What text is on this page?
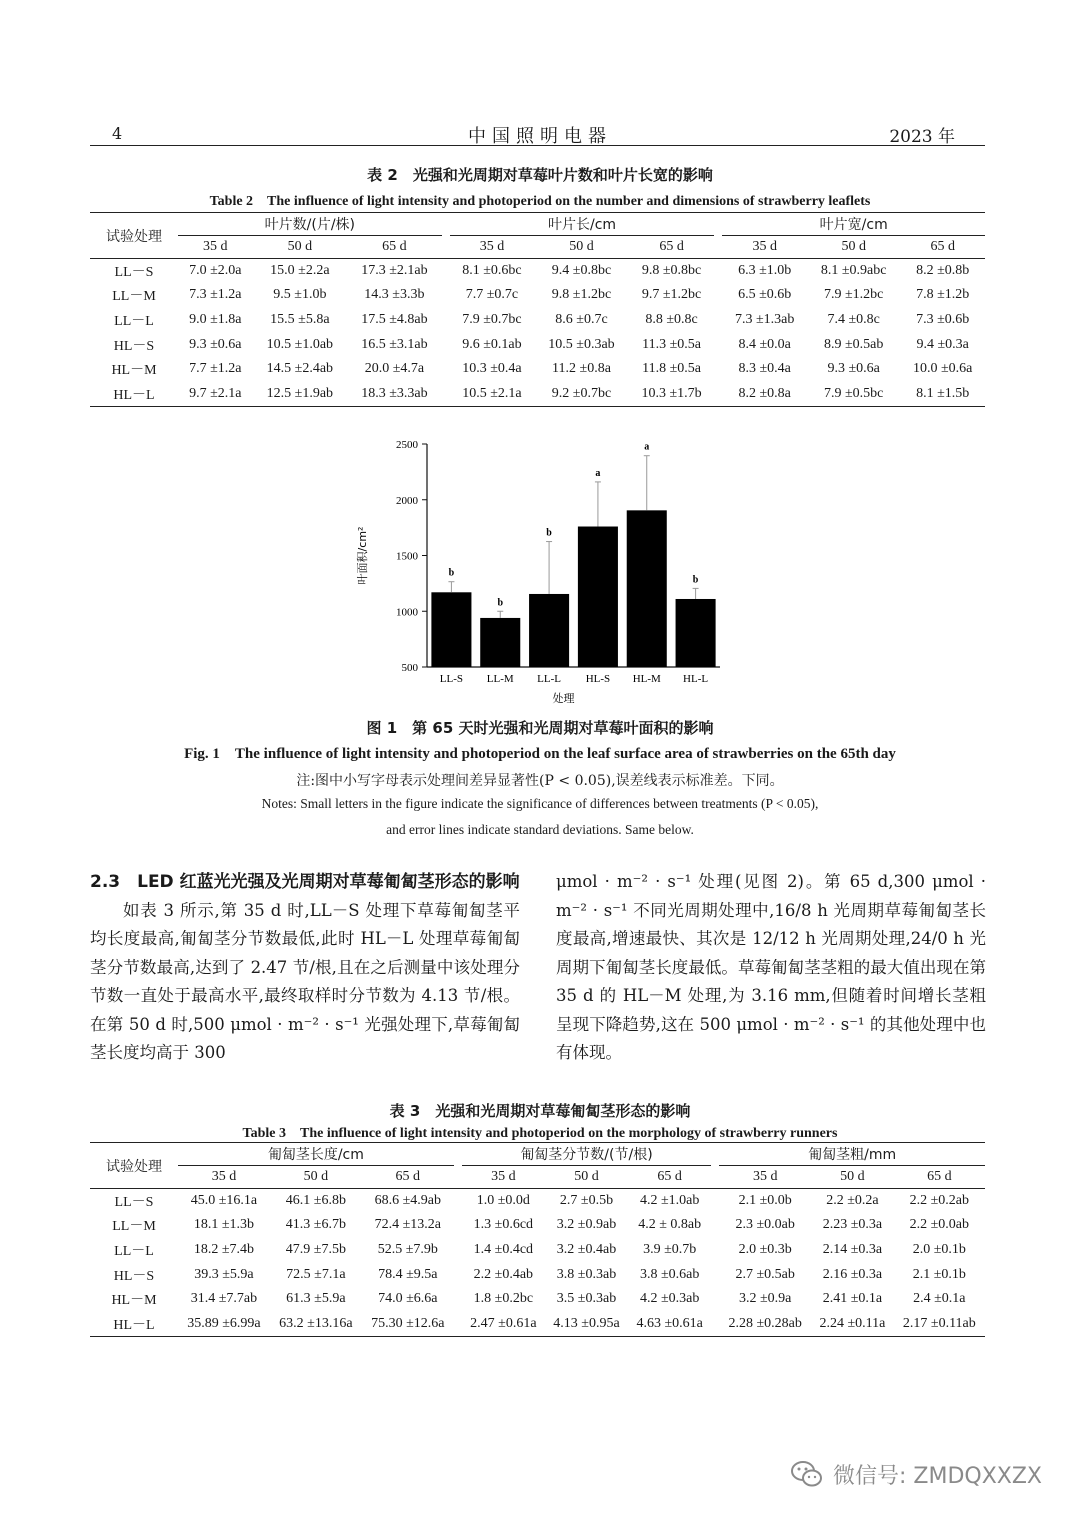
4	中国照明电器	2023 年
表 2　光强和光周期对草莓叶片数和叶片长宽的影响
Table 2　The influence of light intensity and photoperiod on the number and dimensions of strawberry leaflets
试验处理	叶片数/(片/株)				叶片长/cm				叶片宽/cm		
	35 d	50 d	65 d		35 d	50 d	65 d		35 d	50 d	65 d
LL－S	7.0 ±2.0a	15.0 ±2.2a	17.3 ±2.1ab		8.1 ±0.6bc	9.4 ±0.8bc	9.8 ±0.8bc		6.3 ±1.0b	8.1 ±0.9abc	8.2 ±0.8b
LL－M	7.3 ±1.2a	9.5 ±1.0b	14.3 ±3.3b		7.7 ±0.7c	9.8 ±1.2bc	9.7 ±1.2bc		6.5 ±0.6b	7.9 ±1.2bc	7.8 ±1.2b
LL－L	9.0 ±1.8a	15.5 ±5.8a	17.5 ±4.8ab		7.9 ±0.7bc	8.6 ±0.7c	8.8 ±0.8c		7.3 ±1.3ab	7.4 ±0.8c	7.3 ±0.6b
HL－S	9.3 ±0.6a	10.5 ±1.0ab	16.5 ±3.1ab		9.6 ±0.1ab	10.5 ±0.3ab	11.3 ±0.5a		8.4 ±0.0a	8.9 ±0.5ab	9.4 ±0.3a
HL－M	7.7 ±1.2a	14.5 ±2.4ab	20.0 ±4.7a		10.3 ±0.4a	11.2 ±0.8a	11.8 ±0.5a		8.3 ±0.4a	9.3 ±0.6a	10.0 ±0.6a
HL－L	9.7 ±2.1a	12.5 ±1.9ab	18.3 ±3.3ab		10.5 ±2.1a	9.2 ±0.7bc	10.3 ±1.7b		8.2 ±0.8a	7.9 ±0.5bc	8.1 ±1.5b
2500
2000
1500
1000
500
叶面积/cm²	b
LL-S
b
LL-M
b
LL-L
a
HL-S
a
HL-M
b
HL-L
处理
图 1　第 65 天时光强和光周期对草莓叶面积的影响
Fig. 1　The influence of light intensity and photoperiod on the leaf surface area of strawberries on the 65th day
注:图中小写字母表示处理间差异显著性(P < 0.05),误差线表示标准差。下同。
Notes: Small letters in the figure indicate the significance of differences between treatments (P < 0.05),
and error lines indicate standard deviations. Same below.
2.3　LED 红蓝光光强及光周期对草莓匍匐茎形态的影响
如表 3 所示,第 35 d 时,LL－S 处理下草莓匍匐茎平均长度最高,匍匐茎分节数最低,此时 HL－L 处理草莓匍匐茎分节数最高,达到了 2.47 节/根,且在之后测量中该处理分节数一直处于最高水平,最终取样时分节数为 4.13 节/根。在第 50 d 时,500 μmol · m⁻² · s⁻¹ 光强处理下,草莓匍匐茎长度均高于 300
μmol · m⁻² · s⁻¹ 处理(见图 2)。第 65 d,300 μmol · m⁻² · s⁻¹ 不同光周期处理中,16/8 h 光周期草莓匍匐茎长度最高,增速最快、其次是 12/12 h 光周期处理,24/0 h 光周期下匍匐茎长度最低。草莓匍匐茎茎粗的最大值出现在第 35 d 的 HL－M 处理,为 3.16 mm,但随着时间增长茎粗呈现下降趋势,这在 500 μmol · m⁻² · s⁻¹ 的其他处理中也有体现。
表 3　光强和光周期对草莓匍匐茎形态的影响
Table 3　The influence of light intensity and photoperiod on the morphology of strawberry runners
试验处理	匍匐茎长度/cm				匍匐茎分节数/(节/根)				匍匐茎粗/mm		
	35 d	50 d	65 d		35 d	50 d	65 d		35 d	50 d	65 d
LL－S	45.0 ±16.1a	46.1 ±6.8b	68.6 ±4.9ab		1.0 ±0.0d	2.7 ±0.5b	4.2 ±1.0ab		2.1 ±0.0b	2.2 ±0.2a	2.2 ±0.2ab
LL－M	18.1 ±1.3b	41.3 ±6.7b	72.4 ±13.2a		1.3 ±0.6cd	3.2 ±0.9ab	4.2 ± 0.8ab		2.3 ±0.0ab	2.23 ±0.3a	2.2 ±0.0ab
LL－L	18.2 ±7.4b	47.9 ±7.5b	52.5 ±7.9b		1.4 ±0.4cd	3.2 ±0.4ab	3.9 ±0.7b		2.0 ±0.3b	2.14 ±0.3a	2.0 ±0.1b
HL－S	39.3 ±5.9a	72.5 ±7.1a	78.4 ±9.5a		2.2 ±0.4ab	3.8 ±0.3ab	3.8 ±0.6ab		2.7 ±0.5ab	2.16 ±0.3a	2.1 ±0.1b
HL－M	31.4 ±7.7ab	61.3 ±5.9a	74.0 ±6.6a		1.8 ±0.2bc	3.5 ±0.3ab	4.2 ±0.3ab		3.2 ±0.9a	2.41 ±0.1a	2.4 ±0.1a
HL－L	35.89 ±6.99a	63.2 ±13.16a	75.30 ±12.6a		2.47 ±0.61a	4.13 ±0.95a	4.63 ±0.61a		2.28 ±0.28ab	2.24 ±0.11a	2.17 ±0.11ab
微信号: ZMDQXXZX
